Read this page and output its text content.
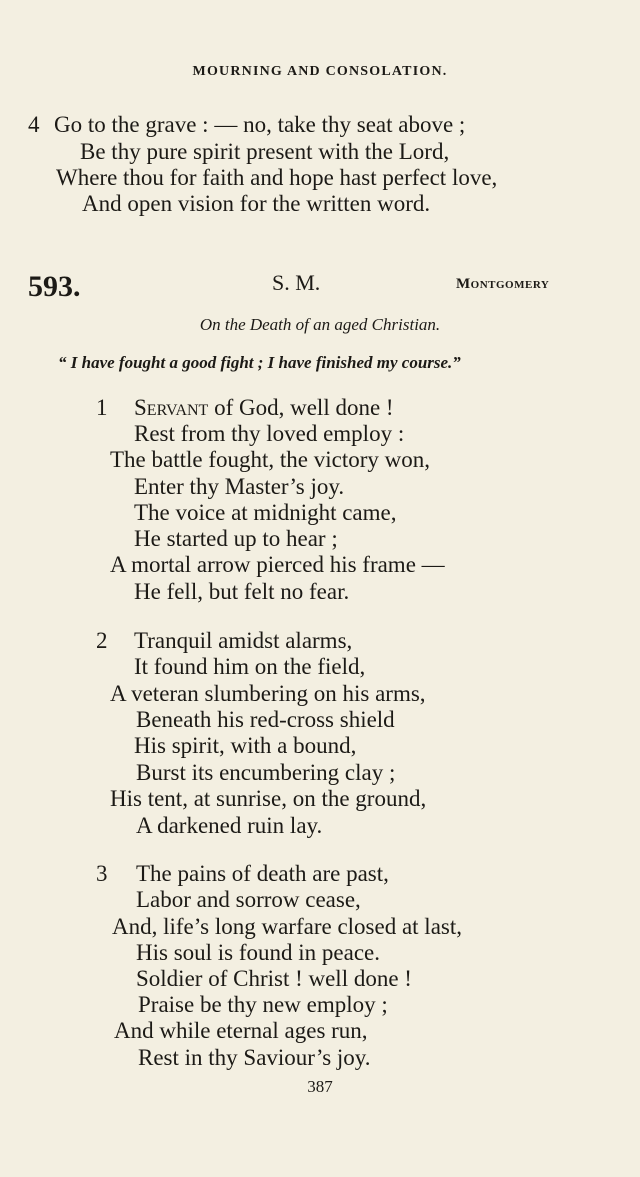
MOURNING AND CONSOLATION.
4 Go to the grave : — no, take thy seat above ;
Be thy pure spirit present with the Lord,
Where thou for faith and hope hast perfect love,
And open vision for the written word.
593.	S. M.	Montgomery
On the Death of an aged Christian.
“ I have fought a good fight ; I have finished my course.”
1 Servant of God, well done !
Rest from thy loved employ :
The battle fought, the victory won,
Enter thy Master’s joy.
The voice at midnight came,
He started up to hear ;
A mortal arrow pierced his frame —
He fell, but felt no fear.
2 Tranquil amidst alarms,
It found him on the field,
A veteran slumbering on his arms,
Beneath his red-cross shield
His spirit, with a bound,
Burst its encumbering clay ;
His tent, at sunrise, on the ground,
A darkened ruin lay.
3 The pains of death are past,
Labor and sorrow cease,
And, life’s long warfare closed at last,
His soul is found in peace.
Soldier of Christ ! well done !
Praise be thy new employ ;
And while eternal ages run,
Rest in thy Saviour’s joy.
387
